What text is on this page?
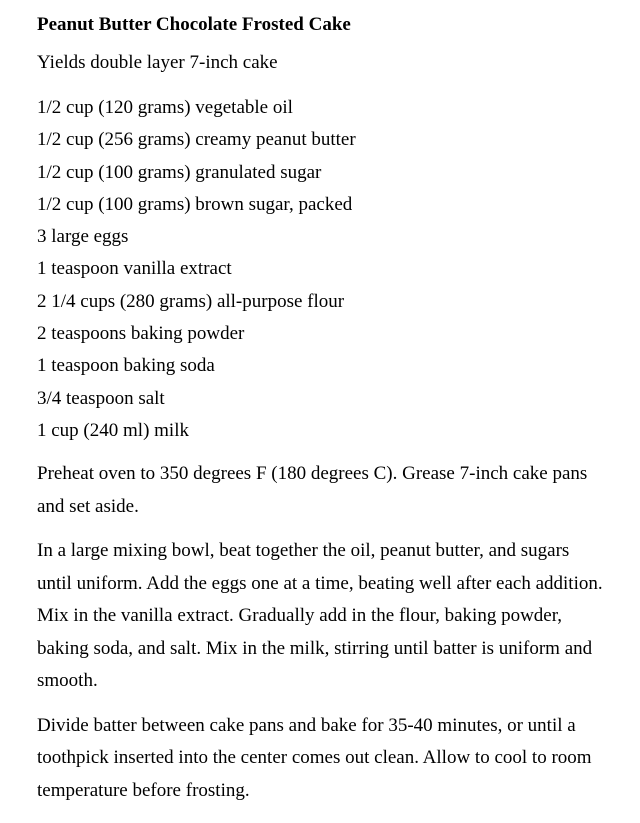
Peanut Butter Chocolate Frosted Cake
Yields double layer 7-inch cake
1/2 cup (120 grams) vegetable oil
1/2 cup (256 grams) creamy peanut butter
1/2 cup (100 grams) granulated sugar
1/2 cup (100 grams) brown sugar, packed
3 large eggs
1 teaspoon vanilla extract
2 1/4 cups (280 grams) all-purpose flour
2 teaspoons baking powder
1 teaspoon baking soda
3/4 teaspoon salt
1 cup (240 ml) milk

Preheat oven to 350 degrees F (180 degrees C). Grease 7-inch cake pans and set aside.

In a large mixing bowl, beat together the oil, peanut butter, and sugars until uniform. Add the eggs one at a time, beating well after each addition. Mix in the vanilla extract. Gradually add in the flour, baking powder, baking soda, and salt. Mix in the milk, stirring until batter is uniform and smooth.

Divide batter between cake pans and bake for 35-40 minutes, or until a toothpick inserted into the center comes out clean. Allow to cool to room temperature before frosting.
